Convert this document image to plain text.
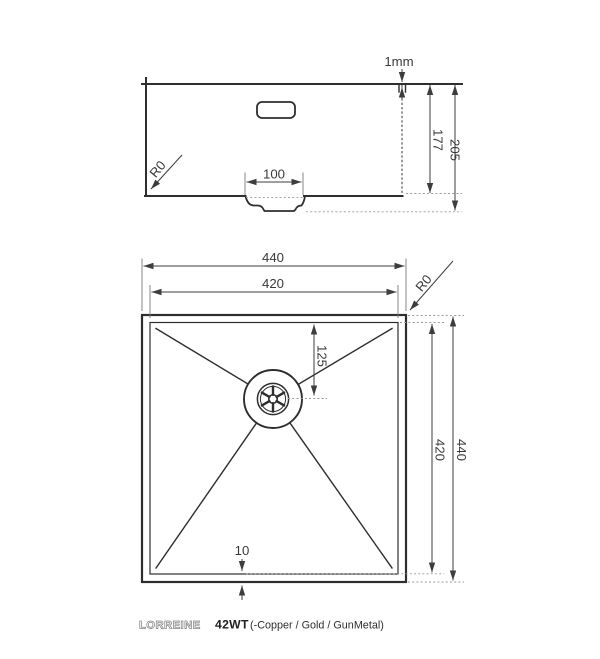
1mm
177 205
100
R0
440
420	R0
125
420 440
10
LORREINE 42WT (-Copper / Gold / GunMetal)
